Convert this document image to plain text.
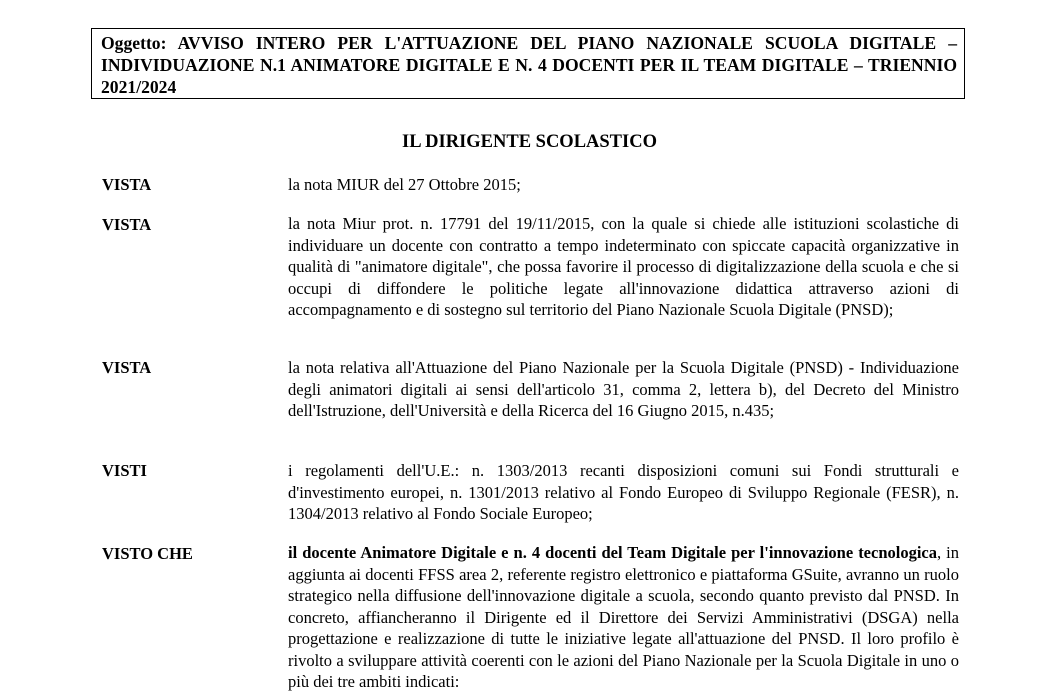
Oggetto: AVVISO INTERO PER L'ATTUAZIONE DEL PIANO NAZIONALE SCUOLA DIGITALE – INDIVIDUAZIONE N.1 ANIMATORE DIGITALE E N. 4 DOCENTI PER IL TEAM DIGITALE – TRIENNIO 2021/2024
IL DIRIGENTE SCOLASTICO
VISTA	la nota MIUR del 27 Ottobre 2015;
VISTA	la nota Miur prot. n. 17791 del 19/11/2015, con la quale si chiede alle istituzioni scolastiche di individuare un docente con contratto a tempo indeterminato con spiccate capacità organizzative in qualità di "animatore digitale", che possa favorire il processo di digitalizzazione della scuola e che si occupi di diffondere le politiche legate all'innovazione didattica attraverso azioni di accompagnamento e di sostegno sul territorio del Piano Nazionale Scuola Digitale (PNSD);
VISTA	la nota relativa all'Attuazione del Piano Nazionale per la Scuola Digitale (PNSD) - Individuazione degli animatori digitali ai sensi dell'articolo 31, comma 2, lettera b), del Decreto del Ministro dell'Istruzione, dell'Università e della Ricerca del 16 Giugno 2015, n.435;
VISTI	i regolamenti dell'U.E.: n. 1303/2013 recanti disposizioni comuni sui Fondi strutturali e d'investimento europei, n. 1301/2013 relativo al Fondo Europeo di Sviluppo Regionale (FESR), n. 1304/2013 relativo al Fondo Sociale Europeo;
VISTO CHE	il docente Animatore Digitale e n. 4 docenti del Team Digitale per l'innovazione tecnologica, in aggiunta ai docenti FFSS area 2, referente registro elettronico e piattaforma GSuite, avranno un ruolo strategico nella diffusione dell'innovazione digitale a scuola, secondo quanto previsto dal PNSD. In concreto, affiancheranno il Dirigente ed il Direttore dei Servizi Amministrativi (DSGA) nella progettazione e realizzazione di tutte le iniziative legate all'attuazione del PNSD. Il loro profilo è rivolto a sviluppare attività coerenti con le azioni del Piano Nazionale per la Scuola Digitale in uno o più dei tre ambiti indicati:
